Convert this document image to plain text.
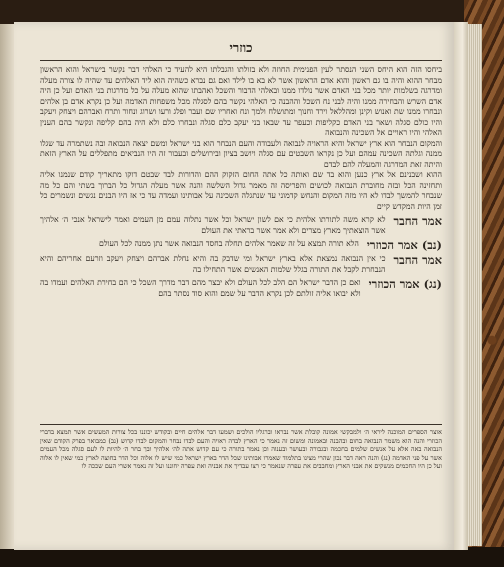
כוזרי

ביחסו הזה הוא היחס השני הנסתר לעין הפנימית החוזה ולא בזולתו והגבלתו היא להעיד כי האלהי דבר נקשר בישראל והוא הראשון מבחר ההוא והיה בו גם ראשון והוא אדם הראשון אשר לא בא בו לילד ואם גם נברא כשהיה הוא ליד האלהים עד שהיה לו צורה מעלה ומדרגה בשלמות יותר מכל בני האדם אשר נולדו ממנו ובאלהי הדבור והשכל ואהבתו שהוא מעלה על כל מדרגות בני האדם ועל כן היה אדם השרש והבחירה ממנו והיה לבני נח השכל וההבנה כי האלהי נקשר בהם לסגלה מכל משפחות האדמה ועל כן נקרא אדם בן אלהים ונבחרו ממנו שת ואנוש וקינן ומהללאל וירד וחנוך ומתושלח ולמך ונח ואחריו שם ועבר ופלג ורעו ושרוג ונחור ותרח ואברהם ויצחק ויעקב והיו כולם סגלה ושאר בני האדם כקליפות וכעפר עד שבאו בני יעקב כלם סגלה ונבחרו כלם ולא היה בהם קליפה ונקשר בהם הענין האלהי והיו ראויים אל השכינה והנבואה

והמקום הנבחר הוא ארץ ישראל והיא הראויה לנבואה ולעבודה והעם הנבחר הוא בני ישראל ומשם יצאה הנבואה ובה נשתמרה עד שגלו ממנה וגלתה השכינה עמהם ועל כן נקראו השבטים עם סגלה ויושב בציון ובירושלים ובעבור זה היו הנביאים מתפללים על הארץ הזאת והיתה זאת המדרגה והמעלה להם לבדם

ההוא ושבנינם אל ארץ כנען והוא בד שם ואותה כל אתה החום הזקוק ההם והדורות לבד שבטם דוקו מתאריך קודם שנמנו אליה ותחזינה הכל ובזה מחוברת הנבואה לכושים והפריסה זה מאמר גדול השלשה והנה אשר מעלה הגדול כל הברוך בשתי והם כל מה שנבחר להמשך לבדו לא היו מזה המקום והנחש קדמוני עד שנתגלה השכינה על אבותינו ועמדה עד כי אז היו הבנים נגשים ונשמרים כל זמן היות המקדש קיים

אמר החבר
לא קרא משה לתורתו אלהית כי אם לשון ישראל וכל אשר נתלוה עמם מן העמים ואמר לישראל אנכי ה׳ אלהיך אשר הוצאתיך מארץ מצרים ולא אמר אשר בראתי את העולם
(נב) אמר הכוזרי
הלא תורה תמצא על זה שאמר אלהים תחלה בחסד הנבואה אשר נתן ממנה לכל העולם
אמר החבר
כי אין הנבואה נמצאת אלא בארץ ישראל ומי שדבק בה והיא נחלת אברהם ויצחק ויעקב וזרעם אחריהם והיא הנבחרת לקבל את התורה בגלל שלמות האנשים אשר התחילו בה
(נג) אמר הכוזרי
ואם כן הדבר ישראל הם הלב לכל העולם ולא יבצר מהם דבר מדרך השכל כי הם בחירת האלהים ועמדו בה ולא יבואו אליה זולתם לכן נקרא הדבר על שמם והוא סוד נסתר בהם

אוצר הספרים המוכנה ליראי ה׳ ולמבקשי אמונה קובלת אשר נבראו וברגליו הולכים ושמעו דבר אלהים חיים ובקודש יכוננו בכל צורות המעשים אשר תמצא בדברי הכוזרי והנה הוא משמר הנבואה בחום ובהבנה ובאמונה ומשום זה נאמר כי הארץ לבדה ראויה והעם לבדו נבחר והמקום לבדו קדוש (נב) כמבואר בפרק הקודם שאין הנבואה באה אלא על אנשים שלמים בחכמה ובגבורה ובעושר ובענוה וכן נאמר בתורה כי עם קדוש אתה לה׳ אלהיך ובך בחר ה׳ להיות לו לעם סגלה מכל העמים אשר על פני האדמה (נג) והנה ראה דבר נכון שהרי מצינו בתלמוד שאמרו אבותינו שכל הדר בארץ ישראל כמי שיש לו אלוה וכל הדר בחוצה לארץ כמי שאין לו אלוה ועל כן היו החכמים מנשקים את אבני הארץ ומחבבים את עפרה שנאמר כי רצו עבדיך את אבניה ואת עפרה יחוננו ועל זה נאמר אשרי העם שככה לו
